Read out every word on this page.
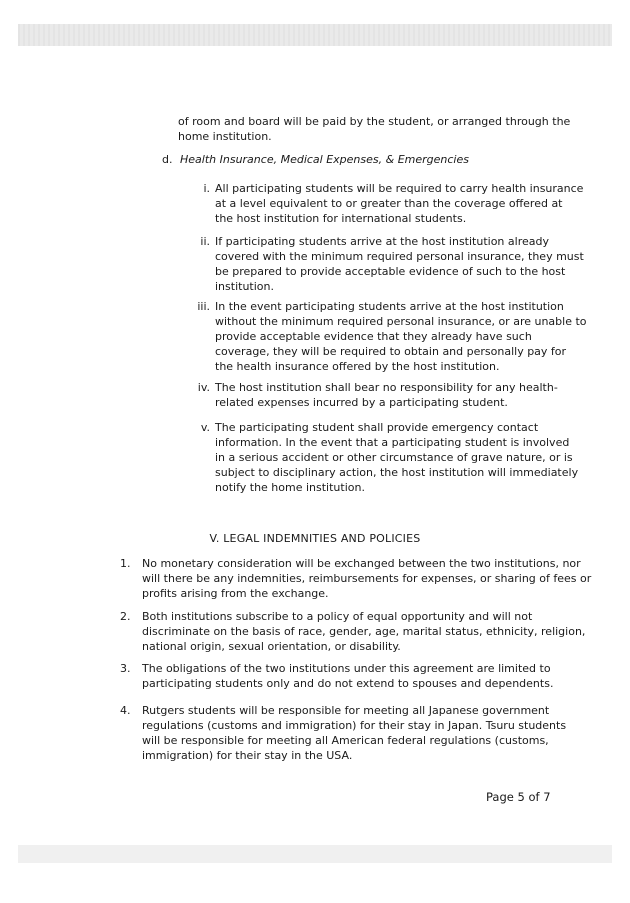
of room and board will be paid by the student, or arranged through the
home institution.
d. Health Insurance, Medical Expenses, & Emergencies
i. All participating students will be required to carry health insurance
at a level equivalent to or greater than the coverage offered at
the host institution for international students.
ii. If participating students arrive at the host institution already
covered with the minimum required personal insurance, they must
be prepared to provide acceptable evidence of such to the host
institution.
iii. In the event participating students arrive at the host institution
without the minimum required personal insurance, or are unable to
provide acceptable evidence that they already have such
coverage, they will be required to obtain and personally pay for
the health insurance offered by the host institution.
iv. The host institution shall bear no responsibility for any health-
related expenses incurred by a participating student.
v. The participating student shall provide emergency contact
information. In the event that a participating student is involved
in a serious accident or other circumstance of grave nature, or is
subject to disciplinary action, the host institution will immediately
notify the home institution.
V. LEGAL INDEMNITIES AND POLICIES
1. No monetary consideration will be exchanged between the two institutions, nor
will there be any indemnities, reimbursements for expenses, or sharing of fees or
profits arising from the exchange.
2. Both institutions subscribe to a policy of equal opportunity and will not
discriminate on the basis of race, gender, age, marital status, ethnicity, religion,
national origin, sexual orientation, or disability.
3. The obligations of the two institutions under this agreement are limited to
participating students only and do not extend to spouses and dependents.
4. Rutgers students will be responsible for meeting all Japanese government
regulations (customs and immigration) for their stay in Japan. Tsuru students
will be responsible for meeting all American federal regulations (customs,
immigration) for their stay in the USA.
Page 5 of 7
